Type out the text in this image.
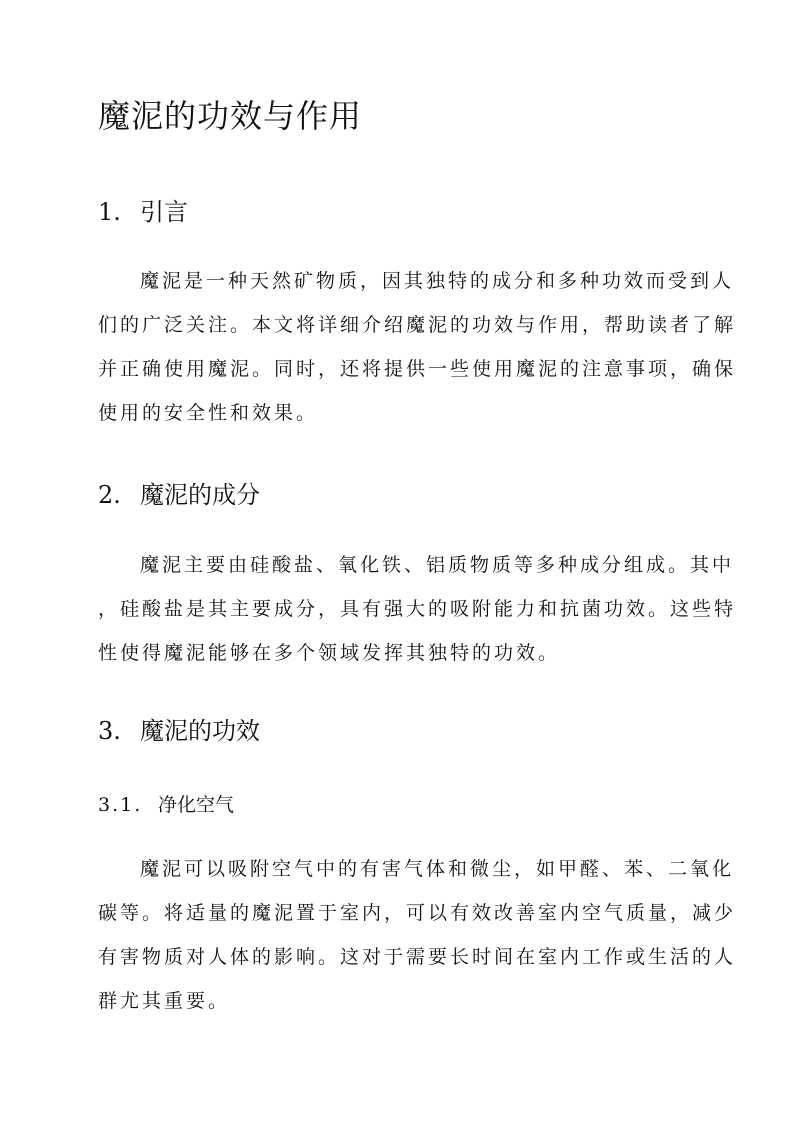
魔泥的功效与作用
1. 引言

魔泥是一种天然矿物质，因其独特的成分和多种功效而受到人
们的广泛关注。本文将详细介绍魔泥的功效与作用，帮助读者了解
并正确使用魔泥。同时，还将提供一些使用魔泥的注意事项，确保
使用的安全性和效果。

2. 魔泥的成分

魔泥主要由硅酸盐、氧化铁、铝质物质等多种成分组成。其中
，硅酸盐是其主要成分，具有强大的吸附能力和抗菌功效。这些特
性使得魔泥能够在多个领域发挥其独特的功效。

3. 魔泥的功效
3.1. 净化空气

魔泥可以吸附空气中的有害气体和微尘，如甲醛、苯、二氧化
碳等。将适量的魔泥置于室内，可以有效改善室内空气质量，减少
有害物质对人体的影响。这对于需要长时间在室内工作或生活的人
群尤其重要。
